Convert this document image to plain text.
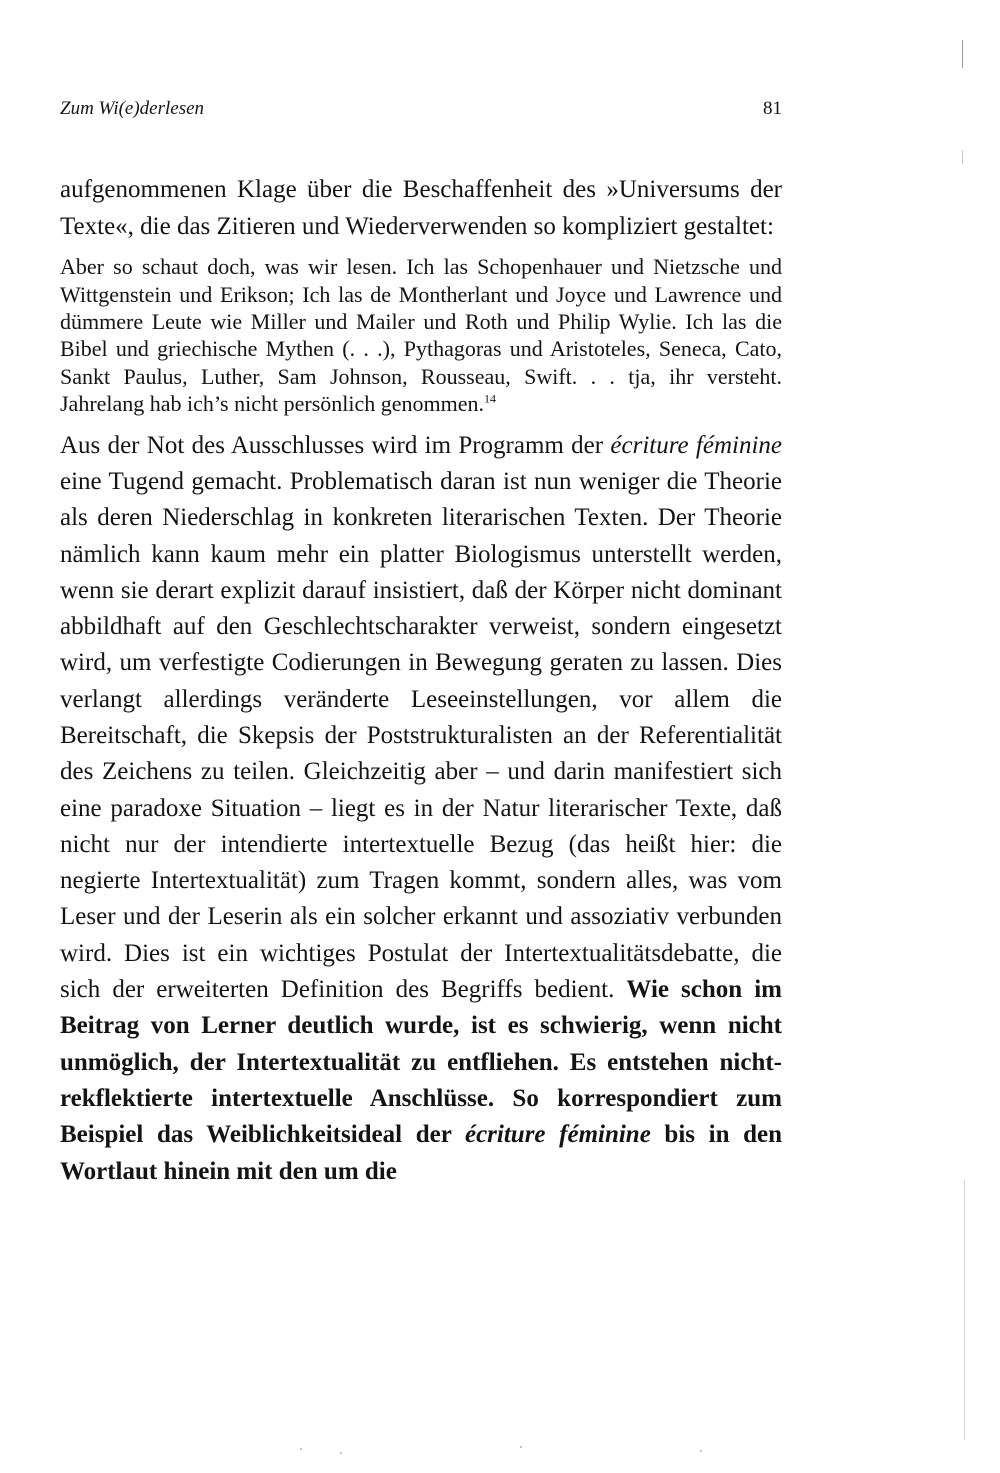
Zum Wi(e)derlesen	81

aufgenommenen Klage über die Beschaffenheit des »Universums der Texte«, die das Zitieren und Wiederverwenden so kompliziert gestaltet:

Aber so schaut doch, was wir lesen. Ich las Schopenhauer und Nietzsche und Wittgenstein und Erikson; Ich las de Montherlant und Joyce und Lawrence und dümmere Leute wie Miller und Mailer und Roth und Philip Wylie. Ich las die Bibel und griechische Mythen (. . .), Pythagoras und Aristoteles, Seneca, Cato, Sankt Paulus, Luther, Sam Johnson, Rousseau, Swift. . . tja, ihr versteht. Jahrelang hab ich’s nicht persönlich genommen.$^{14}$

Aus der Not des Ausschlusses wird im Programm der écriture féminine eine Tugend gemacht. Problematisch daran ist nun weniger die Theorie als deren Niederschlag in konkreten literarischen Texten. Der Theorie nämlich kann kaum mehr ein platter Biologismus unterstellt werden, wenn sie derart explizit darauf insistiert, daß der Körper nicht dominant abbildhaft auf den Geschlechtscharakter verweist, sondern eingesetzt wird, um verfestigte Codierungen in Bewegung geraten zu lassen. Dies verlangt allerdings veränderte Leseeinstellungen, vor allem die Bereitschaft, die Skepsis der Poststrukturalisten an der Referentialität des Zeichens zu teilen. Gleichzeitig aber – und darin manifestiert sich eine paradoxe Situation – liegt es in der Natur literarischer Texte, daß nicht nur der intendierte intertextuelle Bezug (das heißt hier: die negierte Intertextualität) zum Tragen kommt, sondern alles, was vom Leser und der Leserin als ein solcher erkannt und assoziativ verbunden wird. Dies ist ein wichtiges Postulat der Intertextualitätsdebatte, die sich der erweiterten Definition des Begriffs bedient. Wie schon im Beitrag von Lerner deutlich wurde, ist es schwierig, wenn nicht unmöglich, der Intertextualität zu entfliehen. Es entstehen nicht-rekflektierte intertextuelle Anschlüsse. So korrespondiert zum Beispiel das Weiblichkeitsideal der écriture féminine bis in den Wortlaut hinein mit den um die
